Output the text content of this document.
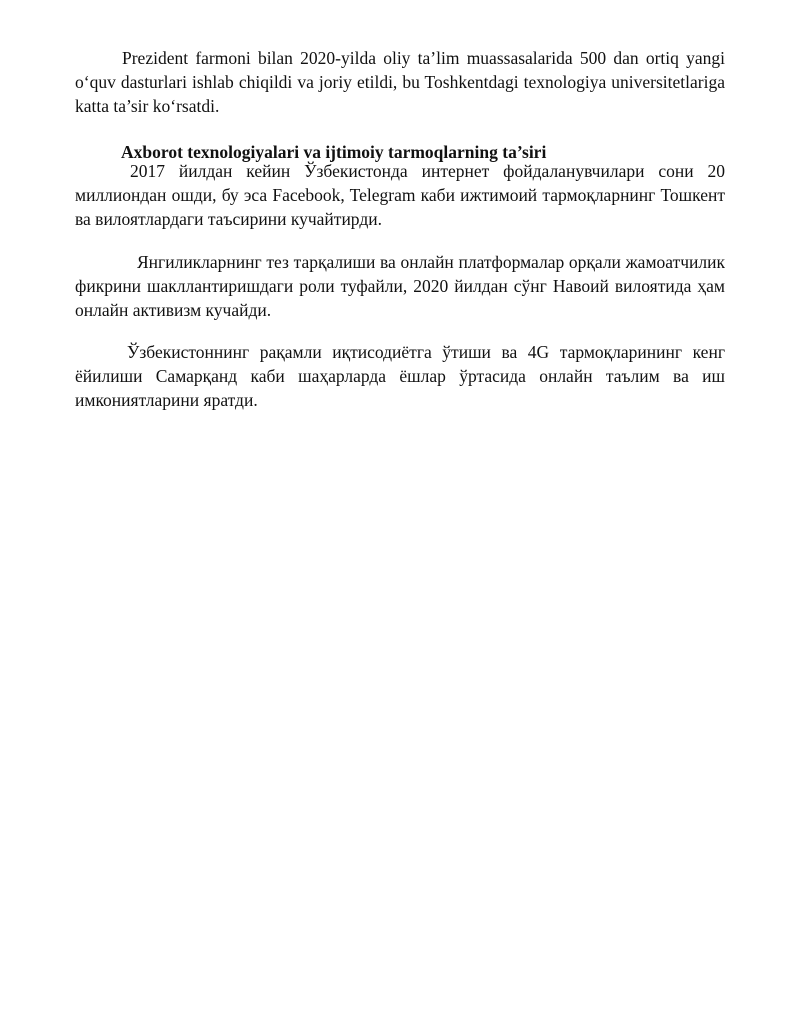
Prezident farmoni bilan 2020-yilda oliy ta’lim muassasalarida 500 dan ortiq yangi o‘quv dasturlari ishlab chiqildi va joriy etildi, bu Toshkentdagi texnologiya universitetlariga katta ta’sir ko‘rsatdi.

Axborot texnologiyalari va ijtimoiy tarmoqlarning ta’siri

2017 йилдан кейин Ўзбекистонда интернет фойдаланувчилари сони 20 миллиондан ошди, бу эса Facebook, Telegram каби ижтимоий тармоқларнинг Тошкент ва вилоятлардаги таъсирини кучайтирди.

Янгиликларнинг тез тарқалиши ва онлайн платформалар орқали жамоатчилик фикрини шакллантиришдаги роли туфайли, 2020 йилдан сўнг Навоий вилоятида ҳам онлайн активизм кучайди.

Ўзбекистоннинг рақамли иқтисодиётга ўтиши ва 4G тармоқларининг кенг ёйилиши Самарқанд каби шаҳарларда ёшлар ўртасида онлайн таълим ва иш имкониятларини яратди.
